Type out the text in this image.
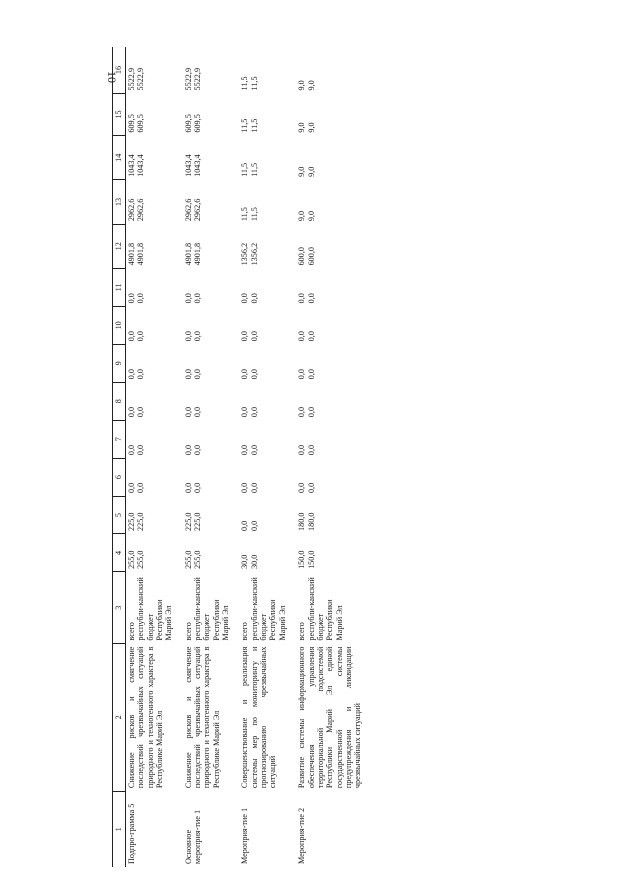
10
1	2	3	4	5	6	7	8	9	10	11	12	13	14	15	16

Подпро-грамма 5	Снижение рисков и смягчение последствий чрезвычайных ситуаций природного и техногенного характера в Республике Марий Эл	всего республи-канский бюджет Республики Марий Эл	255,0 255,0	225,0 225,0	0,0 0,0	0,0 0,0	0,0 0,0	0,0 0,0	0,0 0,0	0,0 0,0	4901,8 4901,8	2962,6 2962,6	1043,4 1043,4	609,5 609,5	5522,9 5522,9

Основное мероприя-тие 1	Снижение рисков и смягчение последствий чрезвычайных ситуаций природного и техногенного характера в Республике Марий Эл	всего республи-канский бюджет Республики Марий Эл	255,0 255,0	225,0 225,0	0,0 0,0	0,0 0,0	0,0 0,0	0,0 0,0	0,0 0,0	0,0 0,0	4901,8 4901,8	2962,6 2962,6	1043,4 1043,4	609,5 609,5	5522,9 5522,9

Мероприя-тие 1	Совершенствование и реализация системы мер по мониторингу и прогнозированию чрезвычайных ситуаций	всего республи-канский бюджет Республики Марий Эл	30,0 30,0	0,0 0,0	0,0 0,0	0,0 0,0	0,0 0,0	0,0 0,0	0,0 0,0	0,0 0,0	1356,2 1356,2	11,5 11,5	11,5 11,5	11,5 11,5	11,5 11,5

Мероприя-тие 2	Развитие системы информационного обеспечения управления территориальной подсистемой Республики Марий Эл единой государственной системы предупреждения и ликвидации чрезвычайных ситуаций	всего республи-канский бюджет Республики Марий Эл	150,0 150,0	180,0 180,0	0,0 0,0	0,0 0,0	0,0 0,0	0,0 0,0	0,0 0,0	0,0 0,0	600,0 600,0	9,0 9,0	9,0 9,0	9,0 9,0	9,0 9,0
